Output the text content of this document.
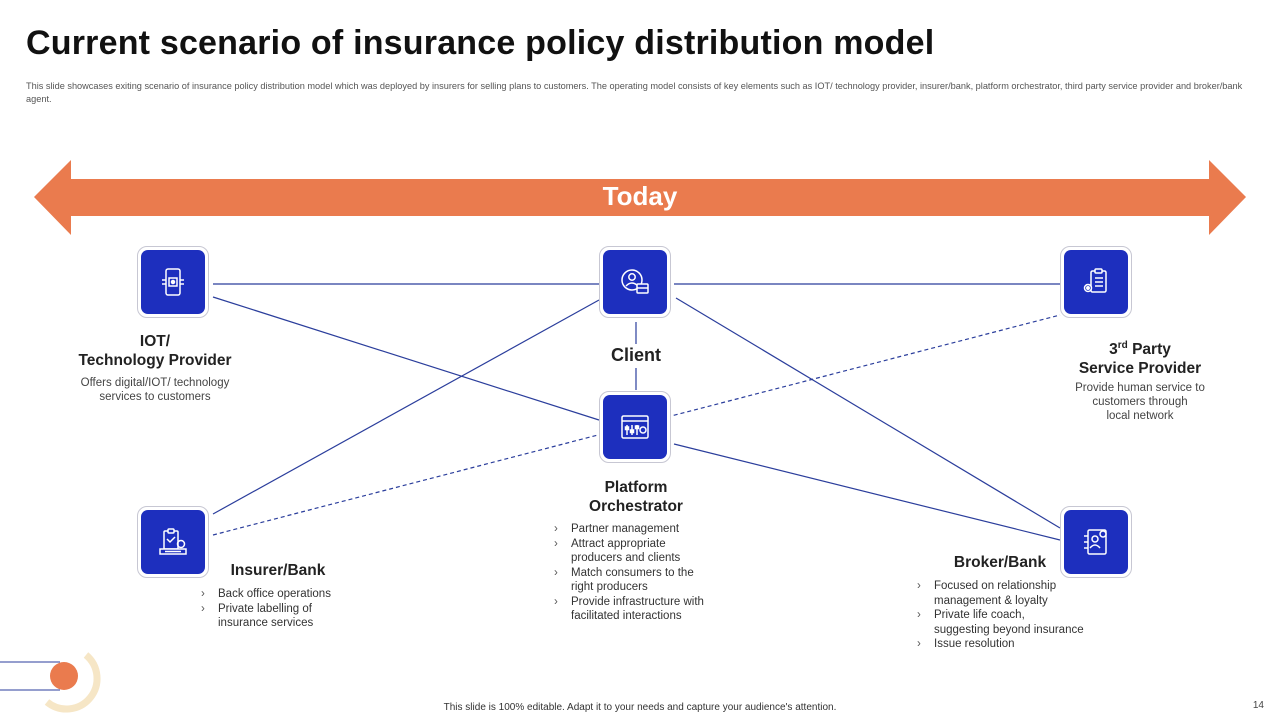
Current scenario of insurance policy distribution model

This slide showcases exiting scenario of insurance policy distribution model which was deployed by insurers for selling plans to customers. The operating model consists of key elements such as IOT/ technology provider, insurer/bank, platform orchestrator, third party service provider and broker/bank agent.

Today
IOT/
Technology Provider
Offers digital/IOT/ technology
services to customers
Client	3rd Party
Service Provider
Provide human service to
customers through
local network
Platform
Orchestrator
› Partner management
› Attract appropriate
producers and clients
› Match consumers to the
right producers
› Provide infrastructure with
facilitated interactions
Insurer/Bank
› Back office operations
› Private labelling of
insurance services
Broker/Bank
› Focused on relationship
management & loyalty
› Private life coach,
suggesting beyond insurance
› Issue resolution
This slide is 100% editable. Adapt it to your needs and capture your audience's attention.	14
